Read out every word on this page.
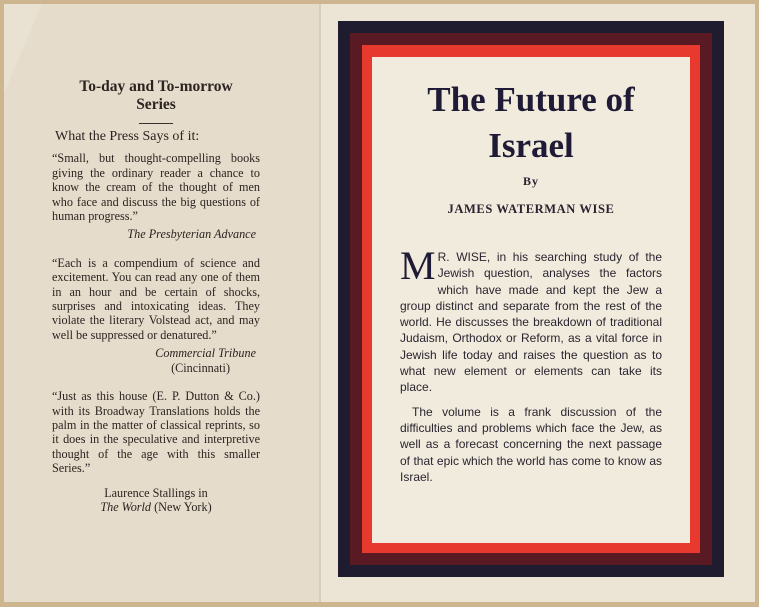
To-day and To-morrow
Series

What the Press Says of it:

“Small, but thought-compelling books giving the ordinary reader a chance to know the cream of the thought of men who face and discuss the big questions of human progress.”

The Presbyterian Advance

“Each is a compendium of science and excitement. You can read any one of them in an hour and be certain of shocks, surprises and intoxicating ideas. They violate the literary Volstead act, and may well be suppressed or denatured.”

Commercial Tribune

(Cincinnati)

“Just as this house (E. P. Dutton & Co.) with its Broadway Translations holds the palm in the matter of classical reprints, so it does in the speculative and interpretive thought of the age with this smaller Series.”

Laurence Stallings in

The World (New York)

The Future of
Israel
By
JAMES WATERMAN WISE

M R. WISE, in his searching study of the Jewish question, analyses the factors which have made and kept the Jew a group distinct and separate from the rest of the world. He discusses the breakdown of traditional Judaism, Orthodox or Reform, as a vital force in Jewish life today and raises the question as to what new element or elements can take its place.

The volume is a frank discussion of the difficulties and problems which face the Jew, as well as a forecast concerning the next passage of that epic which the world has come to know as Israel.
